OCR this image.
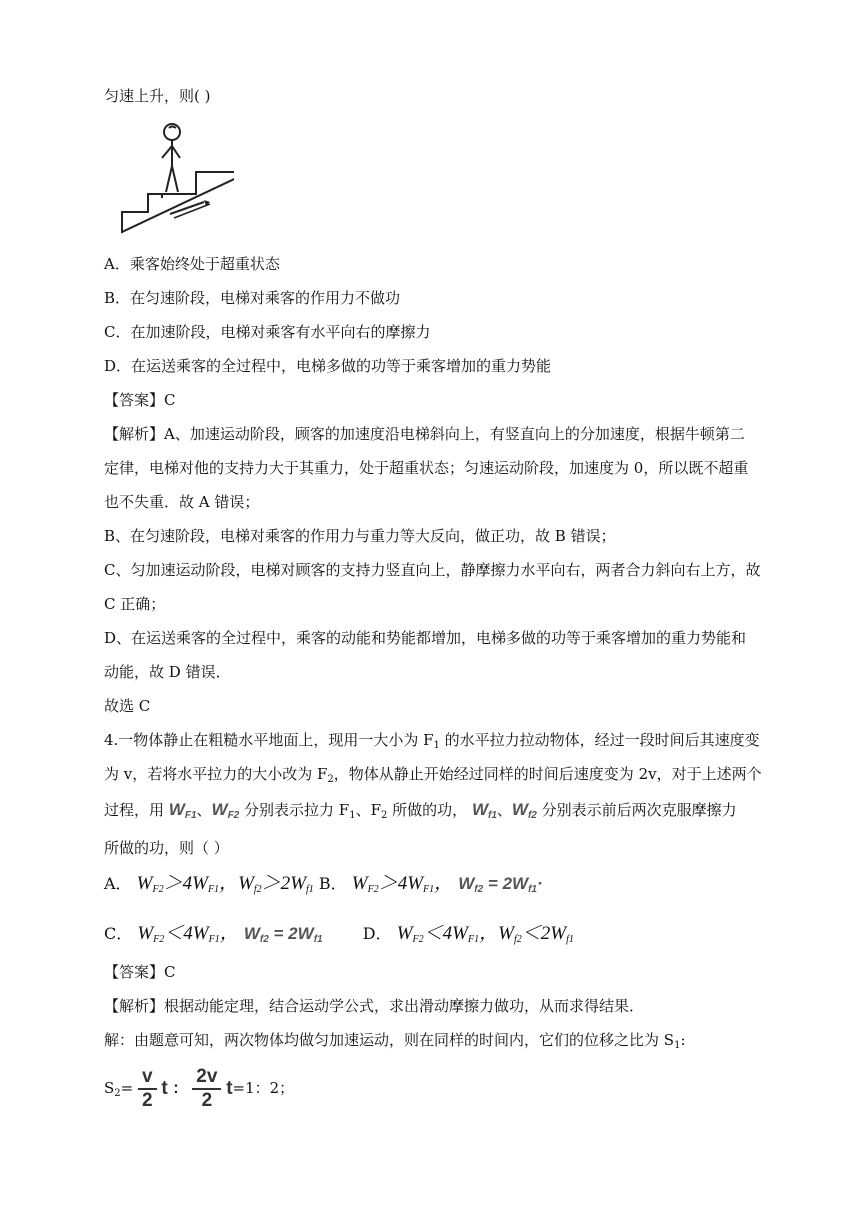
匀速上升，则( )
A．乘客始终处于超重状态
B．在匀速阶段，电梯对乘客的作用力不做功
C．在加速阶段，电梯对乘客有水平向右的摩擦力
D．在运送乘客的全过程中，电梯多做的功等于乘客增加的重力势能
【答案】C
【解析】A、加速运动阶段，顾客的加速度沿电梯斜向上，有竖直向上的分加速度，根据牛顿第二
定律，电梯对他的支持力大于其重力，处于超重状态；匀速运动阶段，加速度为 0，所以既不超重
也不失重．故 A 错误；
B、在匀速阶段，电梯对乘客的作用力与重力等大反向，做正功，故 B 错误；
C、匀加速运动阶段，电梯对顾客的支持力竖直向上，静摩擦力水平向右，两者合力斜向右上方，故
C 正确；
D、在运送乘客的全过程中，乘客的动能和势能都增加，电梯多做的功等于乘客增加的重力势能和
动能，故 D 错误．
故选 C
4.一物体静止在粗糙水平地面上，现用一大小为 $F_1$ 的水平拉力拉动物体，经过一段时间后其速度变
为 v，若将水平拉力的大小改为 $F_2$，物体从静止开始经过同样的时间后速度变为 2v，对于上述两个
过程，用 $W_{F1}$、$W_{F2}$ 分别表示拉力 $F_1$、$F_2$ 所做的功， $W_{f1}$、$W_{f2}$ 分别表示前后两次克服摩擦力
所做的功，则（ ）
A． $W_{F2}>4W_{F1}$，$W_{f2}>2W_{f1}$ B． $W_{F2}>4W_{F1}$， $W_{f2} = 2W_{f1}\cdot$
C． $W_{F2}<4W_{F1}$， $W_{f2} = 2W_{f1}$	D． $W_{F2}<4W_{F1}$，$W_{f2}<2W_{f1}$
【答案】C
【解析】根据动能定理，结合运动学公式，求出滑动摩擦力做功，从而求得结果．
解：由题意可知，两次物体均做匀加速运动，则在同样的时间内，它们的位移之比为 $S_1$:
$S_2= \frac{v}{2}$ t ： $\frac{2v}{2} t=1$：2；
